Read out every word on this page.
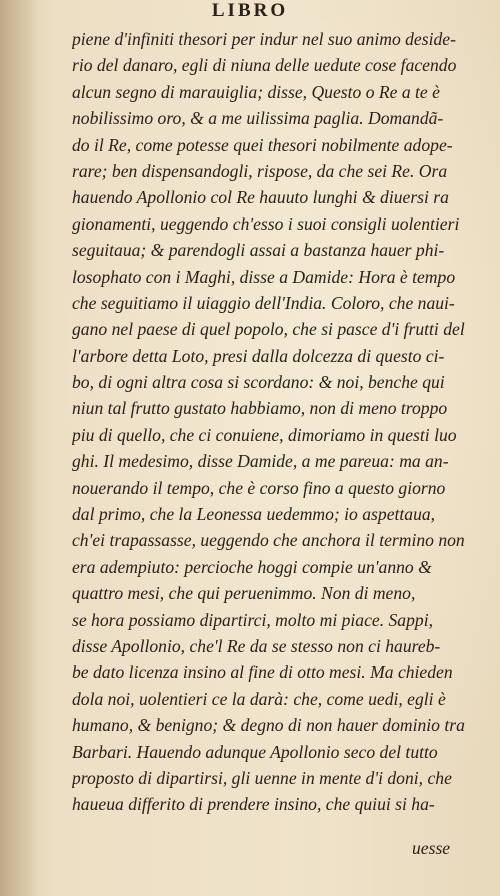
LIBRO
piene d'infiniti thesori per indur nel suo animo deside-
rio del danaro, egli di niuna delle uedute cose facendo
alcun segno di marauiglia; disse, Questo o Re a te è
nobilissimo oro, & a me uilissima paglia. Domandã-
do il Re, come potesse quei thesori nobilmente adope-
rare; ben dispensandogli, rispose, da che sei Re. Ora
hauendo Apollonio col Re hauuto lunghi & diuersi ra
gionamenti, ueggendo ch'esso i suoi consigli uolentieri
seguitaua; & parendogli assai a bastanza hauer phi-
losophato con i Maghi, disse a Damide: Hora è tempo
che seguitiamo il uiaggio dell'India. Coloro, che naui-
gano nel paese di quel popolo, che si pasce d'i frutti del
l'arbore detta Loto, presi dalla dolcezza di questo ci-
bo, di ogni altra cosa si scordano: & noi, benche qui
niun tal frutto gustato habbiamo, non di meno troppo
piu di quello, che ci conuiene, dimoriamo in questi luo
ghi. Il medesimo, disse Damide, a me pareua: ma an-
nouerando il tempo, che è corso fino a questo giorno
dal primo, che la Leonessa uedemmo; io aspettaua,
ch'ei trapassasse, ueggendo che anchora il termino non
era adempiuto: percioche hoggi compie un'anno &
quattro mesi, che qui peruenimmo. Non di meno,
se hora possiamo dipartirci, molto mi piace. Sappi,
disse Apollonio, che'l Re da se stesso non ci haureb-
be dato licenza insino al fine di otto mesi. Ma chieden
dola noi, uolentieri ce la darà: che, come uedi, egli è
humano, & benigno; & degno di non hauer dominio tra
Barbari. Hauendo adunque Apollonio seco del tutto
proposto di dipartirsi, gli uenne in mente d'i doni, che
haueua differito di prendere insino, che quiui si ha-
uesse
